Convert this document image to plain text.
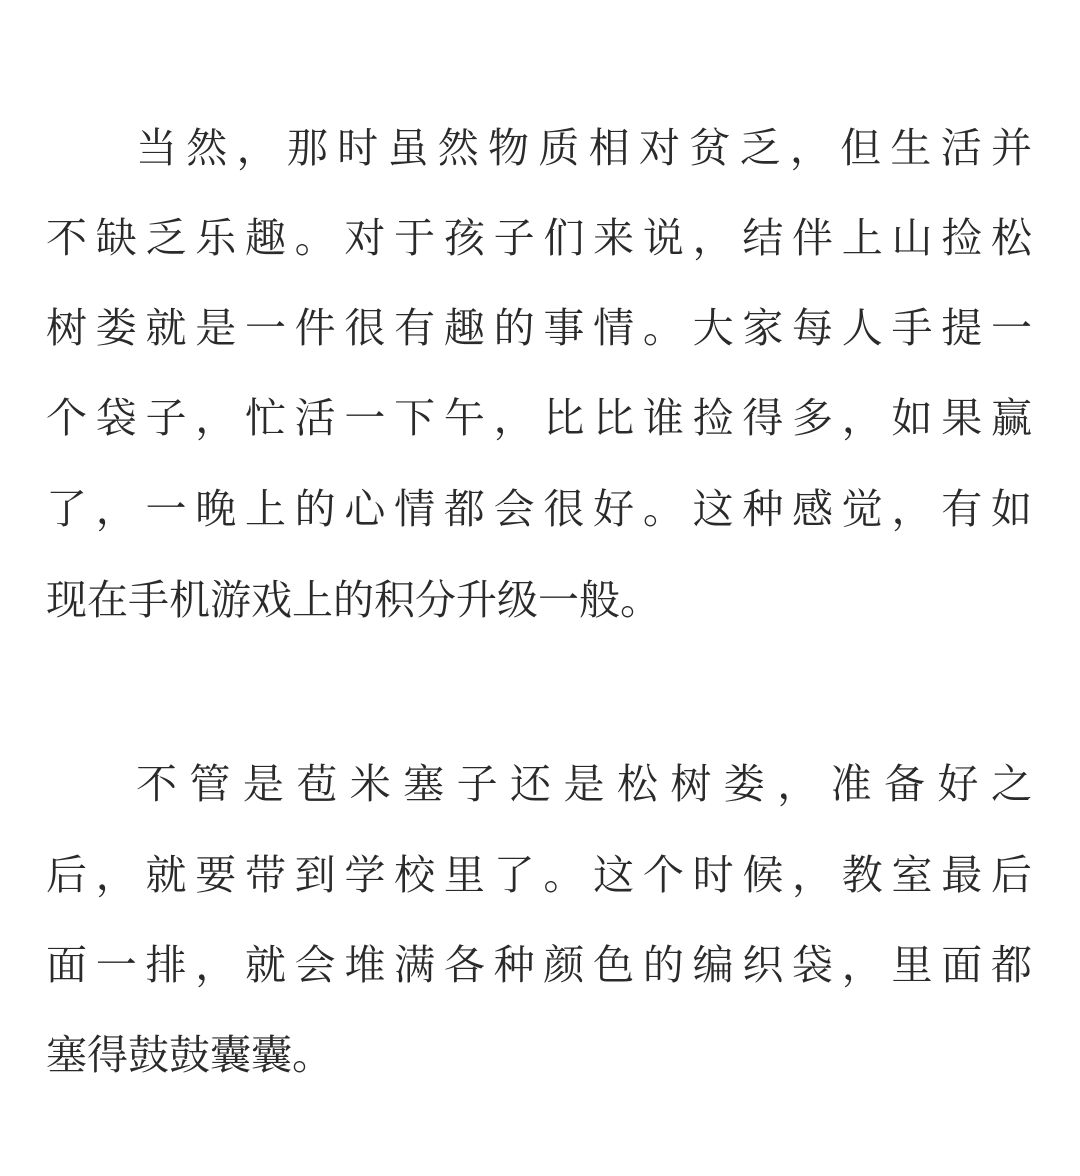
当然，那时虽然物质相对贫乏，但生活并
不缺乏乐趣。对于孩子们来说，结伴上山捡松
树娄就是一件很有趣的事情。大家每人手提一
个袋子，忙活一下午，比比谁捡得多，如果赢
了，一晚上的心情都会很好。这种感觉，有如
现在手机游戏上的积分升级一般。
不管是苞米塞子还是松树娄，准备好之
后，就要带到学校里了。这个时候，教室最后
面一排，就会堆满各种颜色的编织袋，里面都
塞得鼓鼓囊囊。
